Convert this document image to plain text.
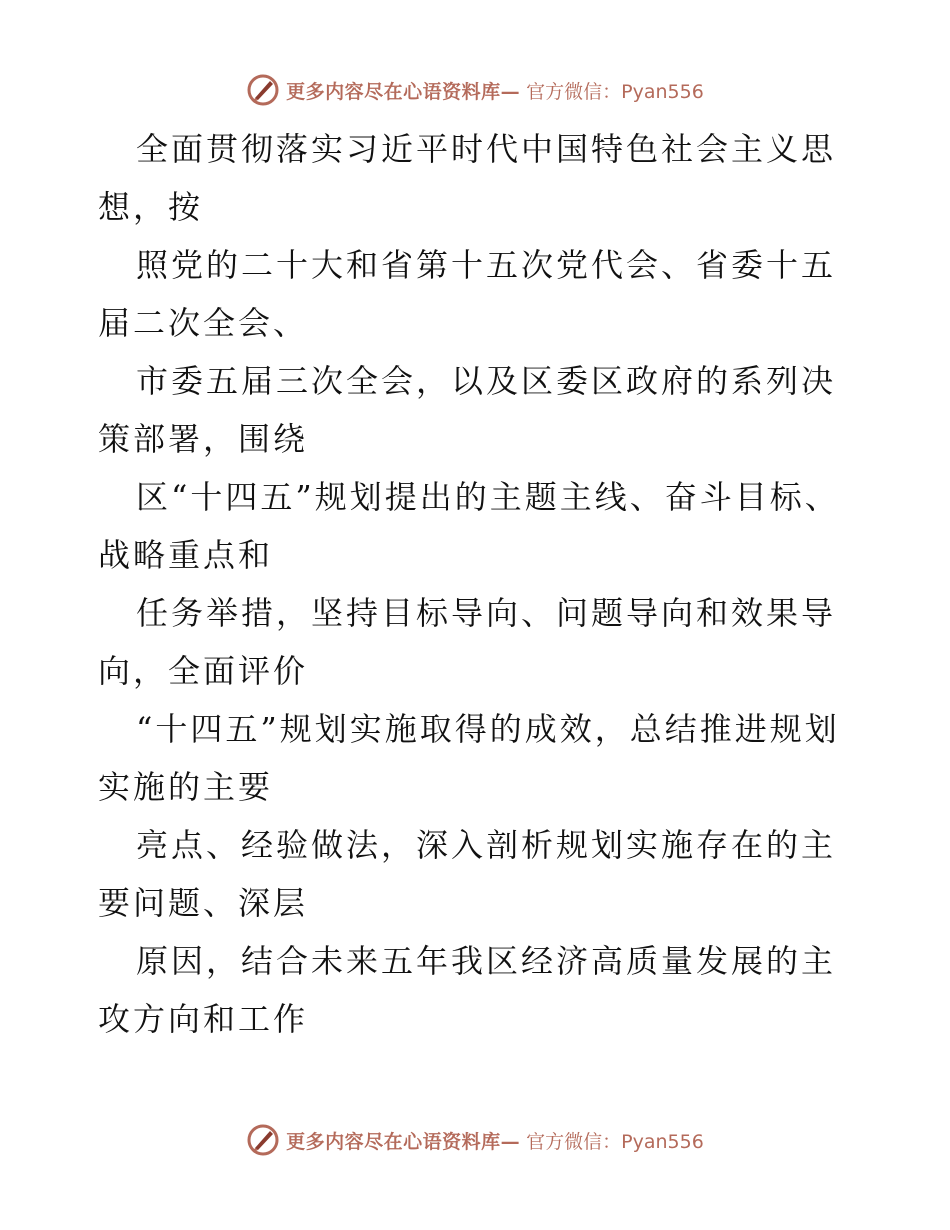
更多内容尽在心语资料库— 官方微信：Pyan556

全面贯彻落实习近平时代中国特色社会主义思想，按

照党的二十大和省第十五次党代会、省委十五届二次全会、

市委五届三次全会，以及区委区政府的系列决策部署，围绕

区“十四五”规划提出的主题主线、奋斗目标、战略重点和

任务举措，坚持目标导向、问题导向和效果导向，全面评价

“十四五”规划实施取得的成效，总结推进规划实施的主要

亮点、经验做法，深入剖析规划实施存在的主要问题、深层

原因，结合未来五年我区经济高质量发展的主攻方向和工作

更多内容尽在心语资料库— 官方微信：Pyan556
